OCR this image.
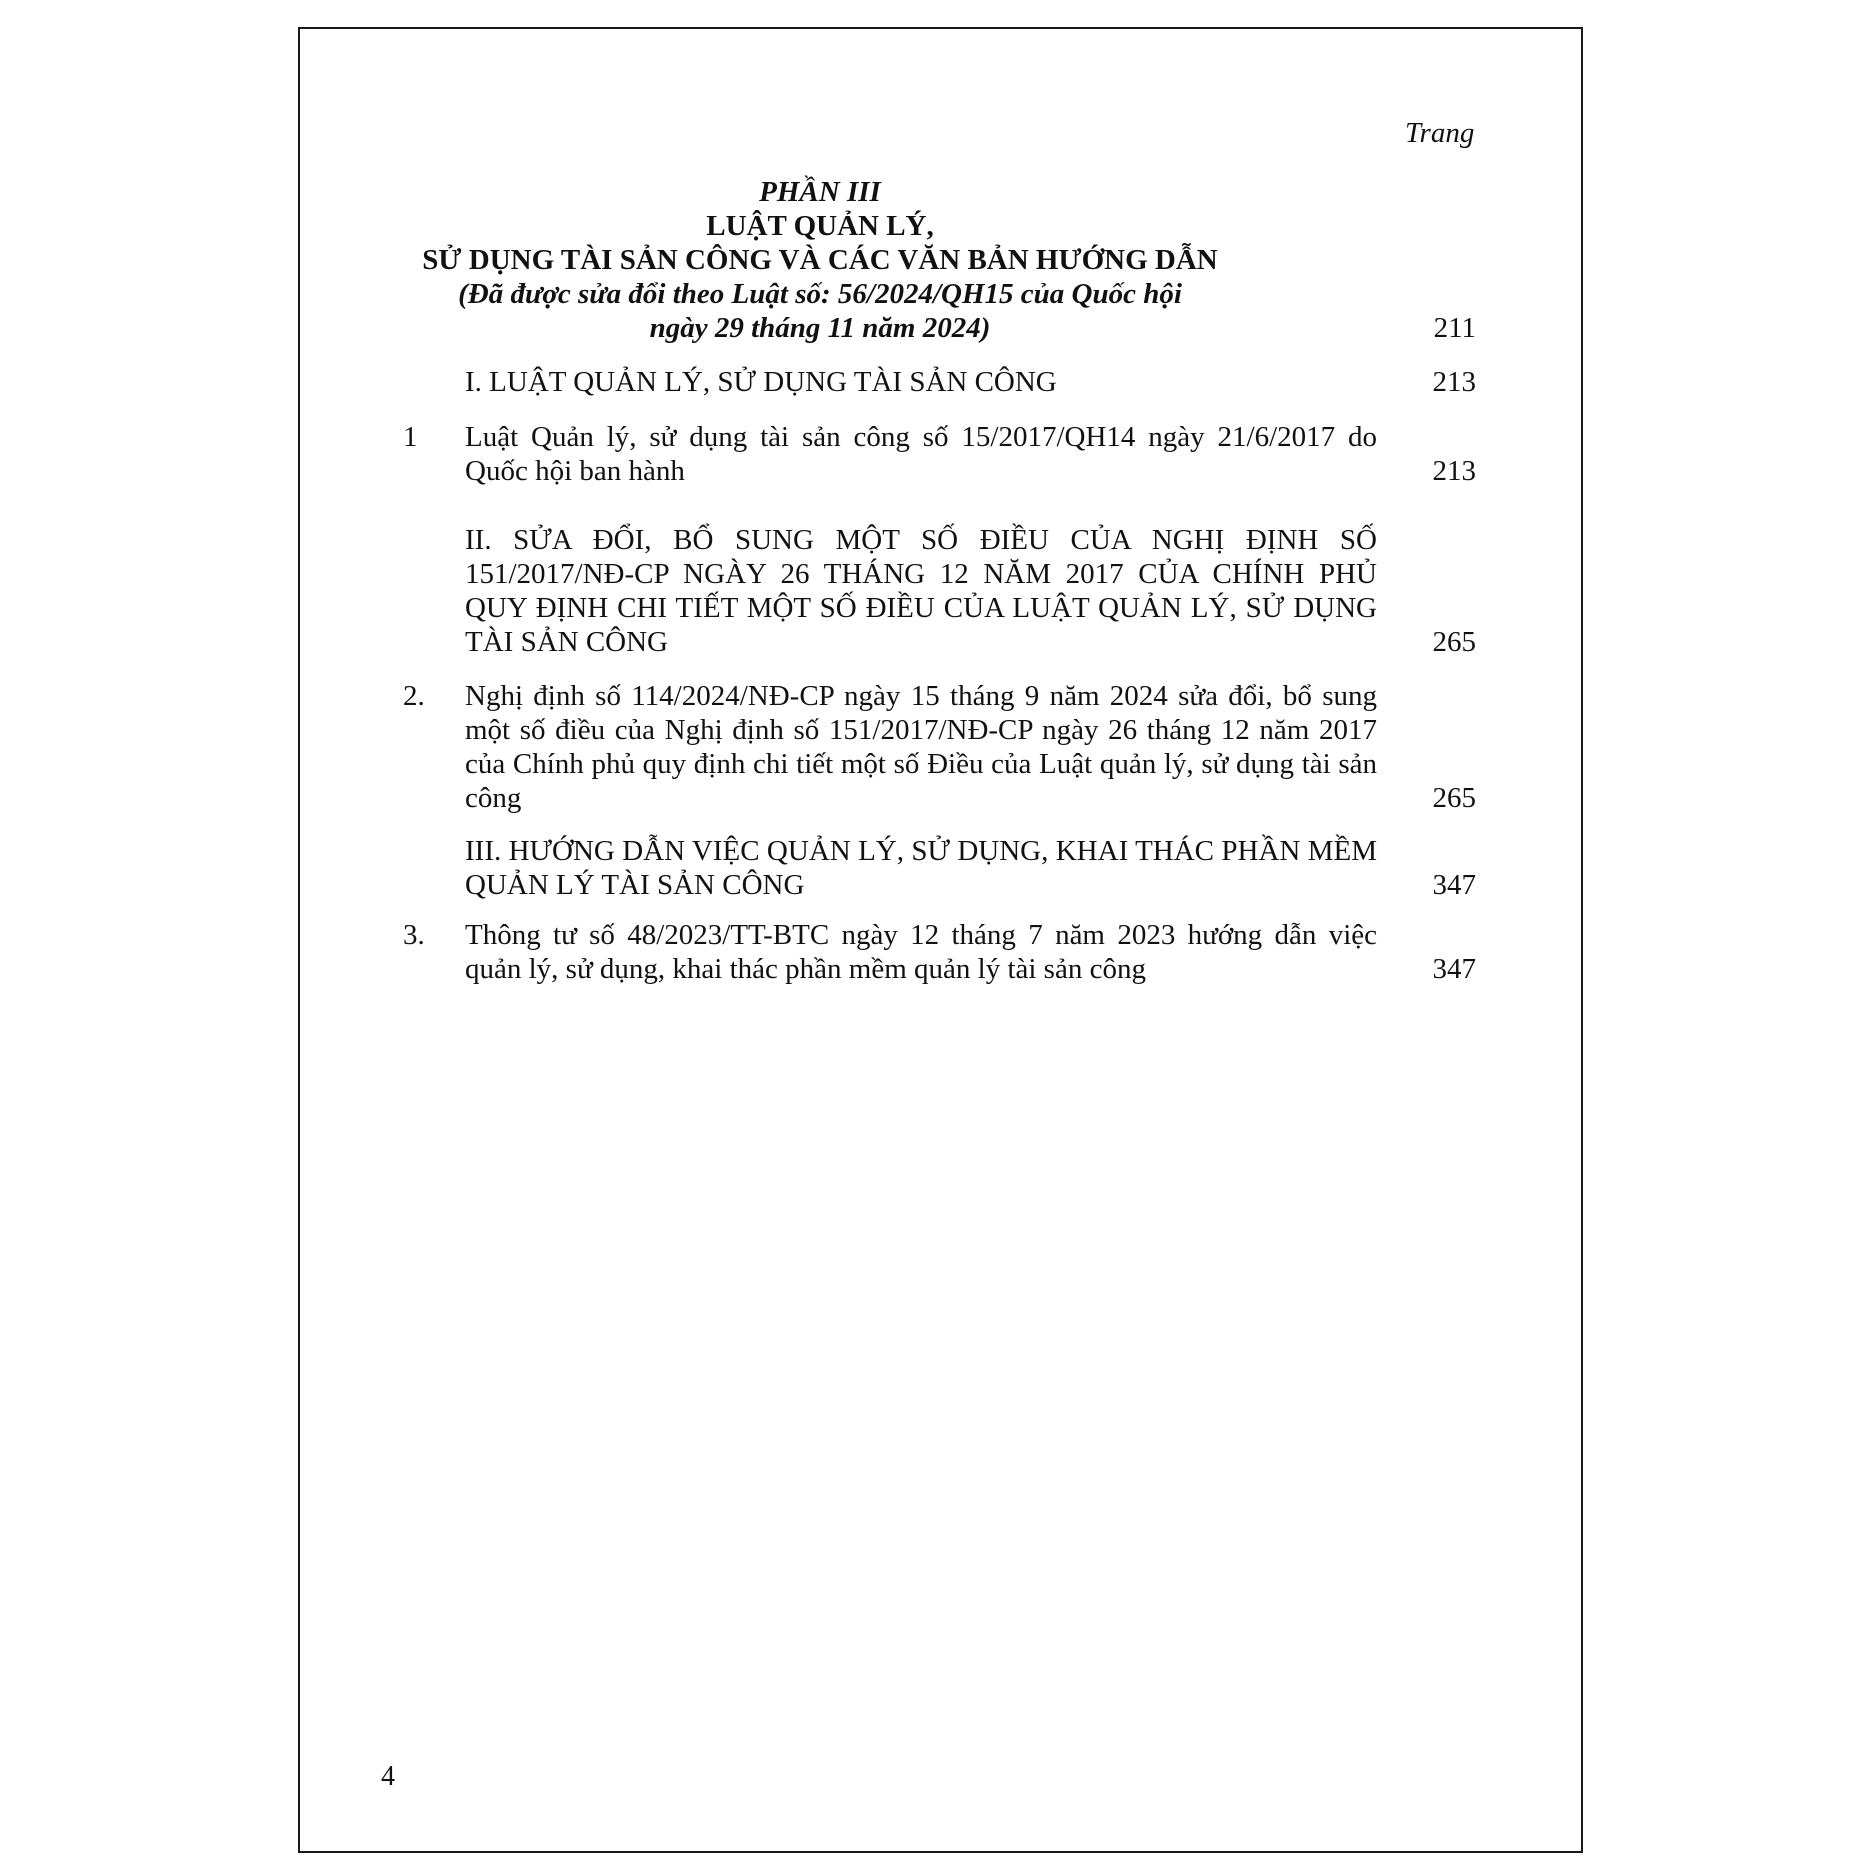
Trang
PHẦN III
LUẬT QUẢN LÝ,
SỬ DỤNG TÀI SẢN CÔNG VÀ CÁC VĂN BẢN HƯỚNG DẪN
(Đã được sửa đổi theo Luật số: 56/2024/QH15 của Quốc hội
ngày 29 tháng 11 năm 2024)	211
I. LUẬT QUẢN LÝ, SỬ DỤNG TÀI SẢN CÔNG	213
1 Luật Quản lý, sử dụng tài sản công số 15/2017/QH14 ngày 21/6/2017 do Quốc hội ban hành	213
II. SỬA ĐỔI, BỔ SUNG MỘT SỐ ĐIỀU CỦA NGHỊ ĐỊNH SỐ 151/2017/NĐ-CP NGÀY 26 THÁNG 12 NĂM 2017 CỦA CHÍNH PHỦ QUY ĐỊNH CHI TIẾT MỘT SỐ ĐIỀU CỦA LUẬT QUẢN LÝ, SỬ DỤNG TÀI SẢN CÔNG	265
2. Nghị định số 114/2024/NĐ-CP ngày 15 tháng 9 năm 2024 sửa đổi, bổ sung một số điều của Nghị định số 151/2017/NĐ-CP ngày 26 tháng 12 năm 2017 của Chính phủ quy định chi tiết một số Điều của Luật quản lý, sử dụng tài sản công	265
III. HƯỚNG DẪN VIỆC QUẢN LÝ, SỬ DỤNG, KHAI THÁC PHẦN MỀM QUẢN LÝ TÀI SẢN CÔNG	347
3. Thông tư số 48/2023/TT-BTC ngày 12 tháng 7 năm 2023 hướng dẫn việc quản lý, sử dụng, khai thác phần mềm quản lý tài sản công	347
4
